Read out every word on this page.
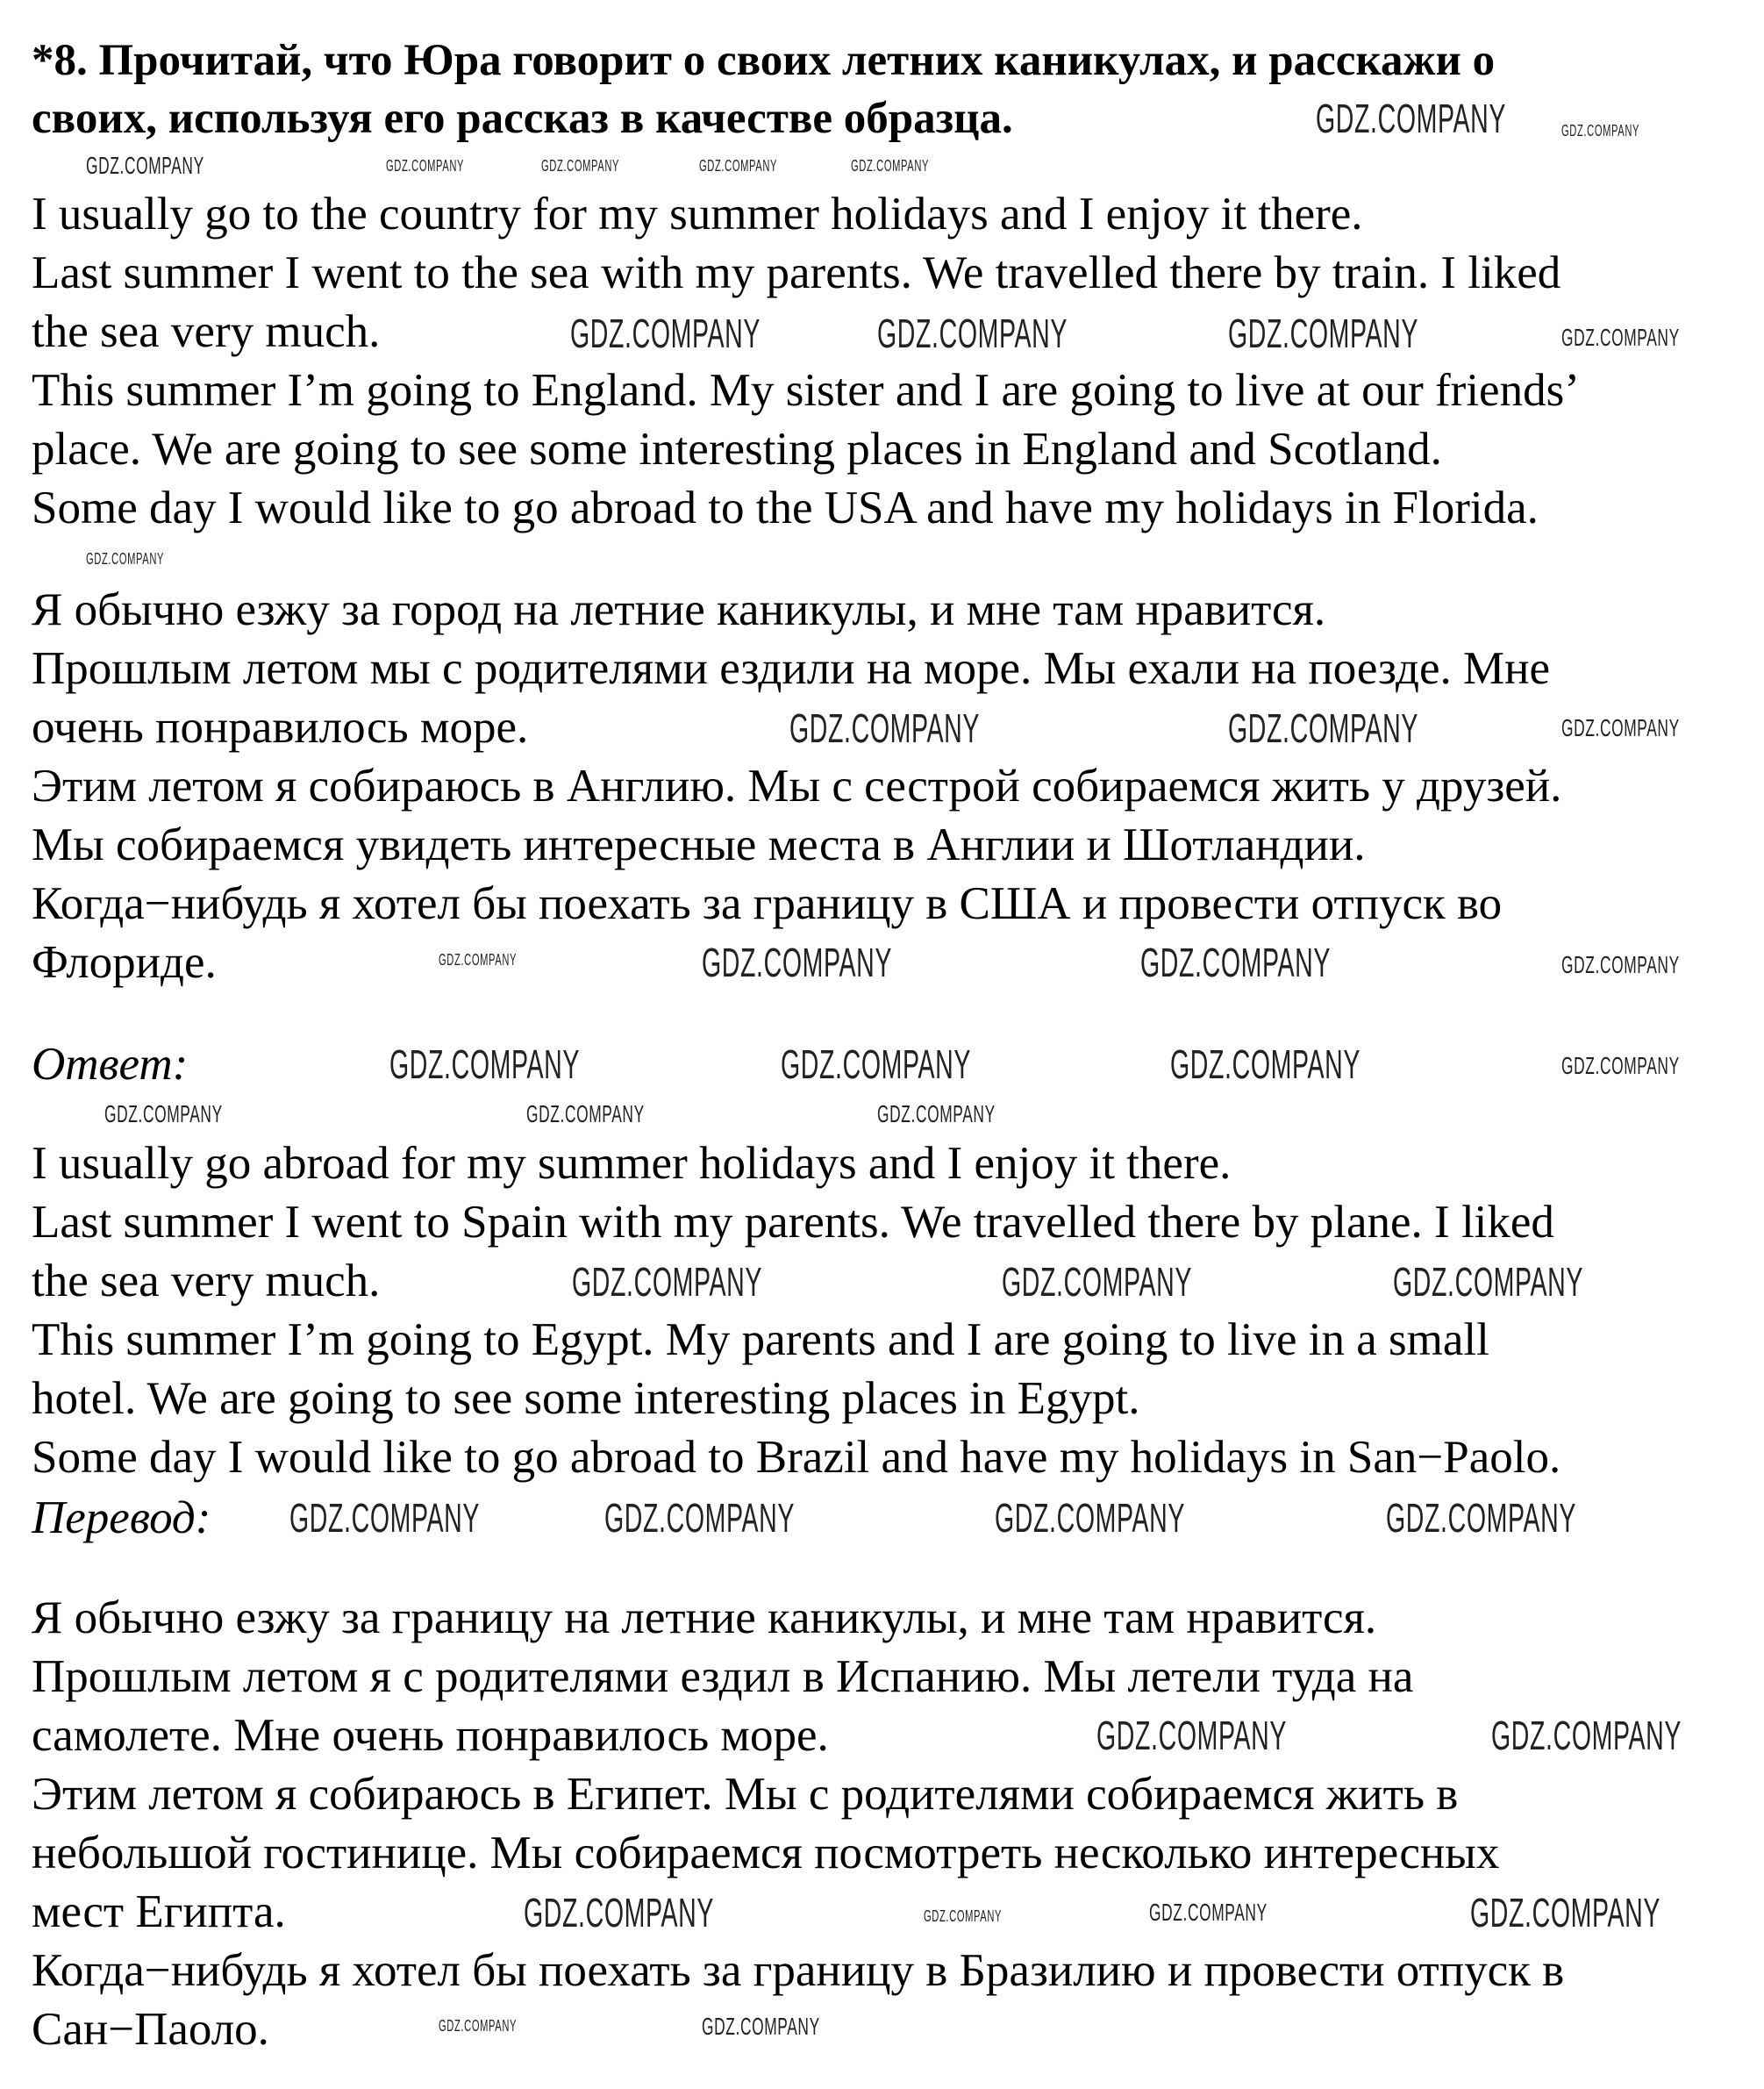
*8. Прочитай, что Юра говорит о своих летних каникулах, и расскажи о
своих, используя его рассказ в качестве образца.
I usually go to the country for my summer holidays and I enjoy it there.
Last summer I went to the sea with my parents. We travelled there by train. I liked
the sea very much.
This summer I’m going to England. My sister and I are going to live at our friends’
place. We are going to see some interesting places in England and Scotland.
Some day I would like to go abroad to the USA and have my holidays in Florida.
Я обычно езжу за город на летние каникулы, и мне там нравится.
Прошлым летом мы с родителями ездили на море. Мы ехали на поезде. Мне
очень понравилось море.
Этим летом я собираюсь в Англию. Мы с сестрой собираемся жить у друзей.
Мы собираемся увидеть интересные места в Англии и Шотландии.
Когда−нибудь я хотел бы поехать за границу в США и провести отпуск во
Флориде.
Ответ:
I usually go abroad for my summer holidays and I enjoy it there.
Last summer I went to Spain with my parents. We travelled there by plane. I liked
the sea very much.
This summer I’m going to Egypt. My parents and I are going to live in a small
hotel. We are going to see some interesting places in Egypt.
Some day I would like to go abroad to Brazil and have my holidays in San−Paolo.
Перевод:
Я обычно езжу за границу на летние каникулы, и мне там нравится.
Прошлым летом я с родителями ездил в Испанию. Мы летели туда на
самолете. Мне очень понравилось море.
Этим летом я собираюсь в Египет. Мы с родителями собираемся жить в
небольшой гостинице. Мы собираемся посмотреть несколько интересных
мест Египта.
Когда−нибудь я хотел бы поехать за границу в Бразилию и провести отпуск в
Сан−Паоло.
GDZ.COMPANY	GDZ.COMPANY
GDZ.COMPANY	GDZ.COMPANY
GDZ.COMPANY	GDZ.COMPANY
GDZ.COMPANY
GDZ.COMPANY	GDZ.COMPANY	GDZ.COMPANY	GDZ.COMPANY
GDZ.COMPANY
GDZ.COMPANY	GDZ.COMPANY	GDZ.COMPANY
GDZ.COMPANY	GDZ.COMPANY	GDZ.COMPANY	GDZ.COMPANY
GDZ.COMPANY	GDZ.COMPANY	GDZ.COMPANY	GDZ.COMPANY
GDZ.COMPANY	GDZ.COMPANY	GDZ.COMPANY
GDZ.COMPANY	GDZ.COMPANY	GDZ.COMPANY
GDZ.COMPANY	GDZ.COMPANY	GDZ.COMPANY	GDZ.COMPANY
GDZ.COMPANY	GDZ.COMPANY
GDZ.COMPANY	GDZ.COMPANY	GDZ.COMPANY	GDZ.COMPANY
GDZ.COMPANY	GDZ.COMPANY
